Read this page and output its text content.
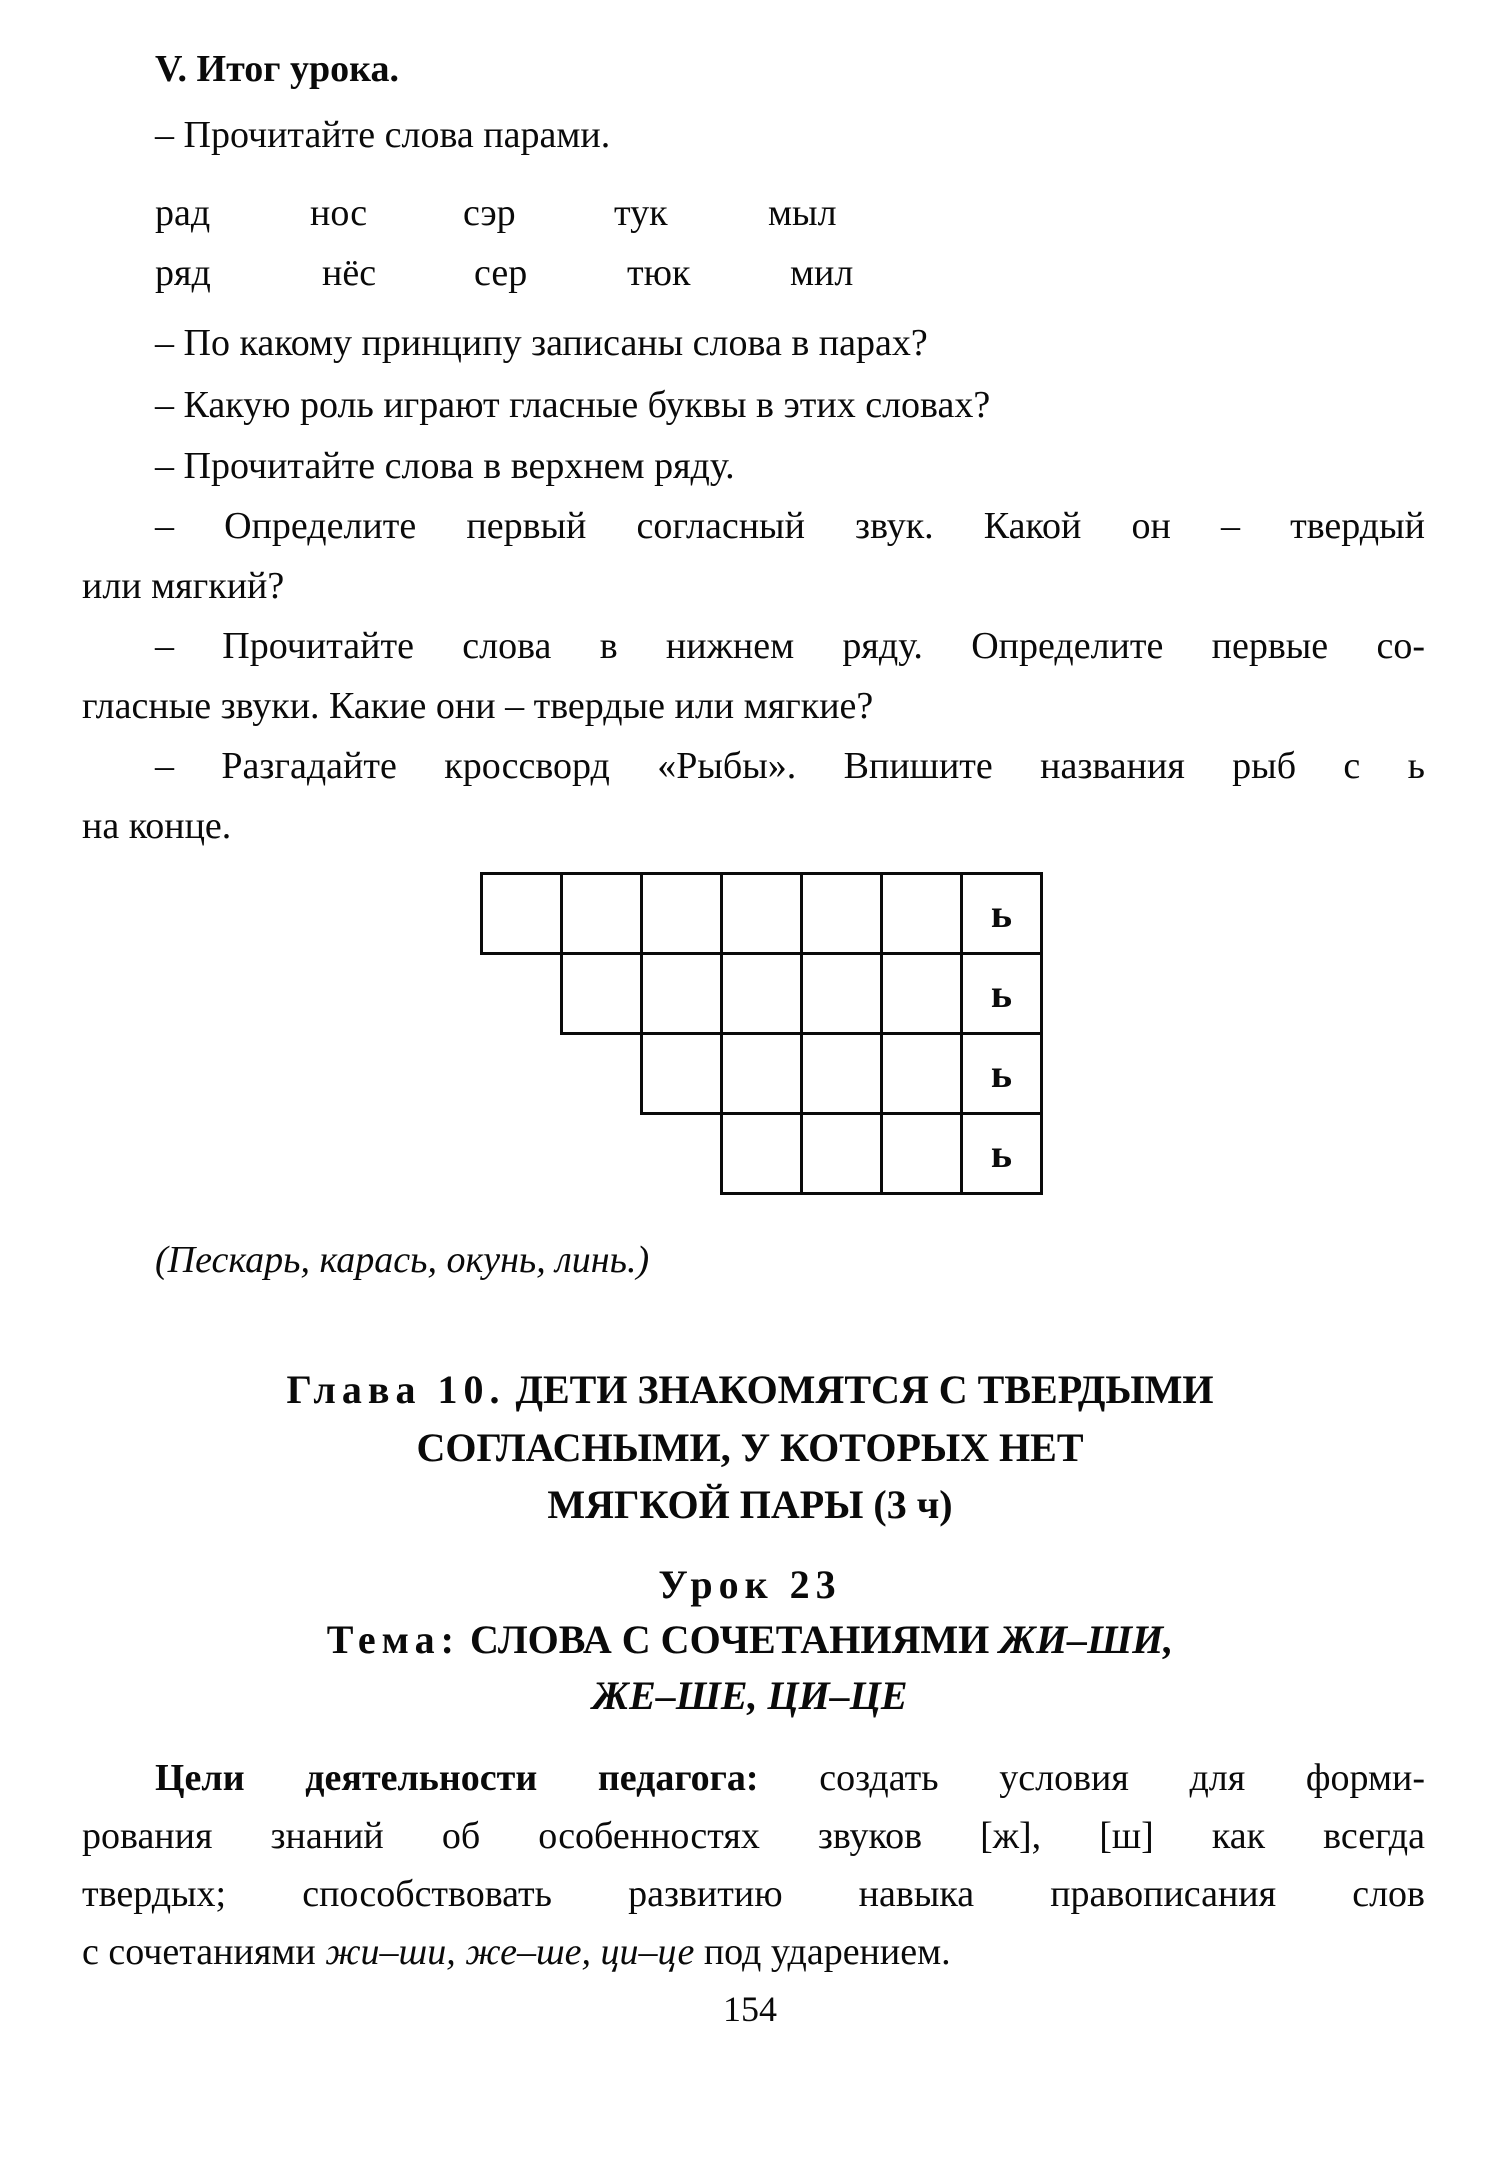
V. Итог урока.
– Прочитайте слова парами.
рад	нос	сэр	тук	мыл
ряд	нёс	сер	тюк	мил
– По какому принципу записаны слова в парах?
– Какую роль играют гласные буквы в этих словах?
– Прочитайте слова в верхнем ряду.
– Определите первый согласный звук. Какой он – твердый
или мягкий?
– Прочитайте слова в нижнем ряду. Определите первые со-
гласные звуки. Какие они – твердые или мягкие?
– Разгадайте кроссворд «Рыбы». Впишите названия рыб с ь
на конце.
ь
ь
ь
ь
(Пескарь, карась, окунь, линь.)
Глава 10. ДЕТИ ЗНАКОМЯТСЯ С ТВЕРДЫМИ
СОГЛАСНЫМИ, У КОТОРЫХ НЕТ
МЯГКОЙ ПАРЫ (3 ч)
Урок 23
Тема: СЛОВА С СОЧЕТАНИЯМИ ЖИ–ШИ,
ЖЕ–ШЕ, ЦИ–ЦЕ
Цели деятельности педагога: создать условия для форми-
рования знаний об особенностях звуков [ж], [ш] как всегда
твердых; способствовать развитию навыка правописания слов
с сочетаниями жи–ши, же–ше, ци–це под ударением.
154
